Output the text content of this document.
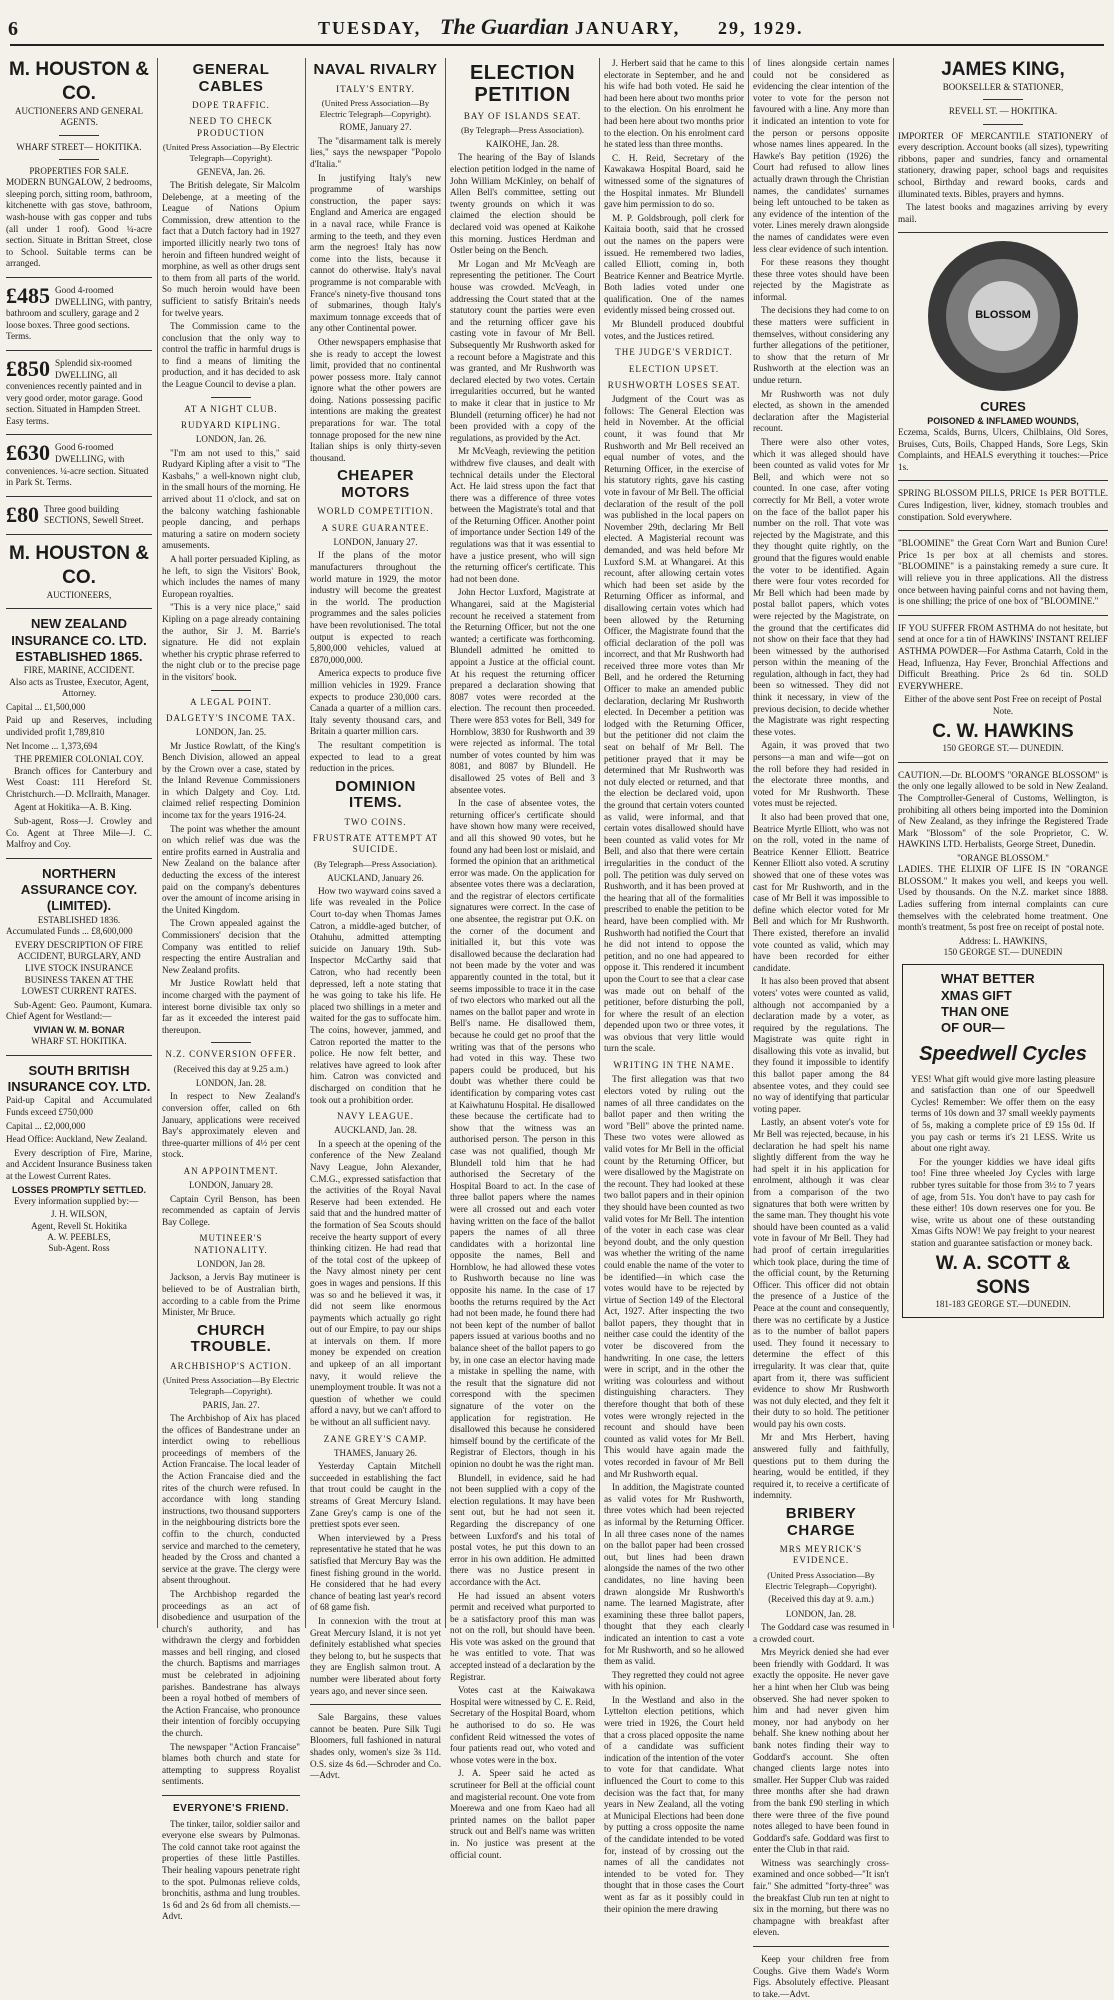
6	TUESDAY, The Guardian JANUARY, 29, 1929.
M. HOUSTON & CO.
AUCTIONEERS AND GENERAL AGENTS.
WHARF STREET— HOKITIKA.
PROPERTIES FOR SALE.

MODERN BUNGALOW, 2 bedrooms, sleeping porch, sitting room, bathroom, kitchenette with gas stove, bathroom, wash-house with gas copper and tubs (all under 1 roof). Good ¼-acre section. Situate in Brittan Street, close to School. Suitable terms can be arranged.

£485 Good 4-roomed DWELLING, with pantry, bathroom and scullery, garage and 2 loose boxes. Three good sections. Terms.
£850 Splendid six-roomed DWELLING, all conveniences recently painted and in very good order, motor garage. Good section. Situated in Hampden Street. Easy terms.
£630 Good 6-roomed DWELLING, with conveniences. ¼-acre section. Situated in Park St. Terms.
£80 Three good building SECTIONS, Sewell Street.
M. HOUSTON & CO.
AUCTIONEERS,
NEW ZEALAND INSURANCE CO. LTD. ESTABLISHED 1865.
FIRE, MARINE, ACCIDENT.

Also acts as Trustee, Executor, Agent, Attorney.

Capital ... £1,500,000

Paid up and Reserves, including undivided profit 1,789,810

Net Income ... 1,373,694

THE PREMIER COLONIAL COY.

Branch offices for Canterbury and West Coast: 111 Hereford St. Christchurch.—D. McIlraith, Manager.

Agent at Hokitika—A. B. King.

Sub-agent, Ross—J. Crowley and Co. Agent at Three Mile—J. C. Malfroy and Coy.

NORTHERN ASSURANCE COY. (LIMITED).
ESTABLISHED 1836.

Accumulated Funds ... £8,600,000

EVERY DESCRIPTION OF FIRE ACCIDENT, BURGLARY, AND LIVE STOCK INSURANCE BUSINESS TAKEN AT THE LOWEST CURRENT RATES.

Sub-Agent: Geo. Paumont, Kumara. Chief Agent for Westland:—

VIVIAN W. M. BONAR
WHARF ST. HOKITIKA.
SOUTH BRITISH INSURANCE COY. LTD.

Paid-up Capital and Accumulated Funds exceed £750,000

Capital ... £2,000,000

Head Office: Auckland, New Zealand.

Every description of Fire, Marine, and Accident Insurance Business taken at the Lowest Current Rates.

LOSSES PROMPTLY SETTLED.

Every information supplied by:—

J. H. WILSON,
Agent, Revell St. Hokitika
A. W. PEEBLES,
Sub-Agent. Ross
GENERAL CABLES
DOPE TRAFFIC.
NEED TO CHECK PRODUCTION
(United Press Association—By Electric Telegraph—Copyright).
GENEVA, Jan. 26.

The British delegate, Sir Malcolm Delebenge, at a meeting of the League of Nations Opium Commission, drew attention to the fact that a Dutch factory had in 1927 imported illicitly nearly two tons of heroin and fifteen hundred weight of morphine, as well as other drugs sent to them from all parts of the world. So much heroin would have been sufficient to satisfy Britain's needs for twelve years.

The Commission came to the conclusion that the only way to control the traffic in harmful drugs is to find a means of limiting the production, and it has decided to ask the League Council to devise a plan.

AT A NIGHT CLUB.
RUDYARD KIPLING.
LONDON, Jan. 26.

"I'm am not used to this," said Rudyard Kipling after a visit to "The Kasbahs," a well-known night club, in the small hours of the morning. He arrived about 11 o'clock, and sat on the balcony watching fashionable people dancing, and perhaps maturing a satire on modern society amusements.

A hall porter persuaded Kipling, as he left, to sign the Visitors' Book, which includes the names of many European royalties.

"This is a very nice place," said Kipling on a page already containing the author, Sir J. M. Barrie's signature. He did not explain whether his cryptic phrase referred to the night club or to the precise page in the visitors' book.

A LEGAL POINT.
DALGETY'S INCOME TAX.
LONDON, Jan. 25.

Mr Justice Rowlatt, of the King's Bench Division, allowed an appeal by the Crown over a case, stated by the Inland Revenue Commissioners in which Dalgety and Coy. Ltd. claimed relief respecting Dominion income tax for the years 1916-24.

The point was whether the amount on which relief was due was the entire profits earned in Australia and New Zealand on the balance after deducting the excess of the interest paid on the company's debentures over the amount of income arising in the United Kingdom.

The Crown appealed against the Commissioners' decision that the Company was entitled to relief respecting the entire Australian and New Zealand profits.

Mr Justice Rowlatt held that income charged with the payment of interest borne divisible tax only so far as it exceeded the interest paid thereupon.

N.Z. CONVERSION OFFER.
(Received this day at 9.25 a.m.)
LONDON, Jan. 28.

In respect to New Zealand's conversion offer, called on 6th January, applications were received Bay's approximately eleven and three-quarter millions of 4½ per cent stock.

AN APPOINTMENT.
LONDON, January 28.

Captain Cyril Benson, has been recommended as captain of Jervis Bay College.

MUTINEER'S NATIONALITY.
LONDON, Jan 28.

Jackson, a Jervis Bay mutineer is believed to be of Australian birth, according to a cable from the Prime Minister, Mr Bruce.

CHURCH TROUBLE.
ARCHBISHOP'S ACTION.
(United Press Association—By Electric Telegraph—Copyright).
PARIS, Jan. 27.

The Archbishop of Aix has placed the offices of Bandestrane under an interdict owing to rebellious proceedings of members of the Action Francaise. The local leader of the Action Francaise died and the rites of the church were refused. In accordance with long standing instructions, two thousand supporters in the neighbouring districts bore the coffin to the church, conducted service and marched to the cemetery, headed by the Cross and chanted a service at the grave. The clergy were absent throughout.

The Archbishop regarded the proceedings as an act of disobedience and usurpation of the church's authority, and has withdrawn the clergy and forbidden masses and bell ringing, and closed the church. Baptisms and marriages must be celebrated in adjoining parishes. Bandestrane has always been a royal hotbed of members of the Action Francaise, who pronounce their intention of forcibly occupying the church.

The newspaper "Action Francaise" blames both church and state for attempting to suppress Royalist sentiments.

EVERYONE'S FRIEND.

The tinker, tailor, soldier sailor and everyone else swears by Pulmonas. The cold cannot take root against the properties of these little Pastilles. Their healing vapours penetrate right to the spot. Pulmonas relieve colds, bronchitis, asthma and lung troubles. 1s 6d and 2s 6d from all chemists.—Advt.

NAVAL RIVALRY
ITALY'S ENTRY.
(United Press Association—By Electric Telegraph—Copyright).
ROME, January 27.

The "disarmament talk is merely lies," says the newspaper "Popolo d'Italia."

In justifying Italy's new programme of warships construction, the paper says: England and America are engaged in a naval race, while France is arming to the teeth, and they even arm the negroes! Italy has now come into the lists, because it cannot do otherwise. Italy's naval programme is not comparable with France's ninety-five thousand tons of submarines, though Italy's maximum tonnage exceeds that of any other Continental power.

Other newspapers emphasise that she is ready to accept the lowest limit, provided that no continental power possess more. Italy cannot ignore what the other powers are doing. Nations possessing pacific intentions are making the greatest preparations for war. The total tonnage proposed for the new nine Italian ships is only thirty-seven thousand.

CHEAPER MOTORS
WORLD COMPETITION.
A SURE GUARANTEE.
LONDON, January 27.

If the plans of the motor manufacturers throughout the world mature in 1929, the motor industry will become the greatest in the world. The production programmes and the sales policies have been revolutionised. The total output is expected to reach 5,800,000 vehicles, valued at £870,000,000.

America expects to produce five million vehicles in 1929. France expects to produce 230,000 cars. Canada a quarter of a million cars. Italy seventy thousand cars, and Britain a quarter million cars.

The resultant competition is expected to lead to a great reduction in the prices.

DOMINION ITEMS.
TWO COINS.
FRUSTRATE ATTEMPT AT SUICIDE.
(By Telegraph—Press Association).
AUCKLAND, January 26.

How two wayward coins saved a life was revealed in the Police Court to-day when Thomas James Catron, a middle-aged butcher, of Otahuhu, admitted attempting suicide on January 19th. Sub-Inspector McCarthy said that Catron, who had recently been depressed, left a note stating that he was going to take his life. He placed two shillings in a meter and waited for the gas to suffocate him. The coins, however, jammed, and Catron reported the matter to the police. He now felt better, and relatives have agreed to look after him. Catron was convicted and discharged on condition that he took out a prohibition order.

NAVY LEAGUE.
AUCKLAND, Jan. 28.

In a speech at the opening of the conference of the New Zealand Navy League, John Alexander, C.M.G., expressed satisfaction that the activities of the Royal Naval Reserve had been extended. He said that and the hundred matter of the formation of Sea Scouts should receive the hearty support of every thinking citizen. He had read that of the total cost of the upkeep of the Navy almost ninety per cent goes in wages and pensions. If this was so and he believed it was, it did not seem like enormous payments which actually go right out of our Empire, to pay our ships at intervals on them. If more money be expended on creation and upkeep of an all important navy, it would relieve the unemployment trouble. It was not a question of whether we could afford a navy, but we can't afford to be without an all sufficient navy.

ZANE GREY'S CAMP.
THAMES, January 26.

Yesterday Captain Mitchell succeeded in establishing the fact that trout could be caught in the streams of Great Mercury Island. Zane Grey's camp is one of the prettiest spots ever seen.

When interviewed by a Press representative he stated that he was satisfied that Mercury Bay was the finest fishing ground in the world. He considered that he had every chance of beating last year's record of 68 game fish.

In connexion with the trout at Great Mercury Island, it is not yet definitely established what species they belong to, but he suspects that they are English salmon trout. A number were liberated about forty years ago, and never since seen.

Sale Bargains, these values cannot be beaten. Pure Silk Tugi Bloomers, full fashioned in natural shades only, women's size 3s 11d. O.S. size 4s 6d.—Schroder and Co.—Advt.

ELECTION PETITION
BAY OF ISLANDS SEAT.
(By Telegraph—Press Association).
KAIKOHE, Jan. 28.

The hearing of the Bay of Islands election petition lodged in the name of John William McKinley, on behalf of Allen Bell's committee, setting out twenty grounds on which it was claimed the election should be declared void was opened at Kaikohe this morning. Justices Herdman and Ostler being on the Bench.

Mr Logan and Mr McVeagh are representing the petitioner. The Court house was crowded. McVeagh, in addressing the Court stated that at the statutory count the parties were even and the returning officer gave his casting vote in favour of Mr Bell. Subsequently Mr Rushworth asked for a recount before a Magistrate and this was granted, and Mr Rushworth was declared elected by two votes. Certain irregularities occurred, but he wanted to make it clear that in justice to Mr Blundell (returning officer) he had not been provided with a copy of the regulations, as provided by the Act.

Mr McVeagh, reviewing the petition withdrew five clauses, and dealt with technical details under the Electoral Act. He laid stress upon the fact that there was a difference of three votes between the Magistrate's total and that of the Returning Officer. Another point of importance under Section 149 of the regulations was that it was essential to have a justice present, who will sign the returning officer's certificate. This had not been done.

John Hector Luxford, Magistrate at Whangarei, said at the Magisterial recount he received a statement from the Returning Officer, but not the one wanted; a certificate was forthcoming. Blundell admitted he omitted to appoint a Justice at the official count. At his request the returning officer prepared a declaration showing that 8087 votes were recorded at the election. The recount then proceeded. There were 853 votes for Bell, 349 for Hornblow, 3830 for Rushworth and 39 were rejected as informal. The total number of votes counted by him was 8081, and 8087 by Blundell. He disallowed 25 votes of Bell and 3 absentee votes.

In the case of absentee votes, the returning officer's certificate should have shown how many were received, and all this showed 90 votes, but he found any had been lost or mislaid, and formed the opinion that an arithmetical error was made. On the application for absentee votes there was a declaration, and the registrar of electors certificate signatures were correct. In the case of one absentee, the registrar put O.K. on the corner of the document and initialled it, but this vote was disallowed because the declaration had not been made by the voter and was apparently counted in the total, but it seems impossible to trace it in the case of two electors who marked out all the names on the ballot paper and wrote in Bell's name. He disallowed them, because he could get no proof that the writing was that of the persons who had voted in this way. These two papers could be produced, but his doubt was whether there could be identification by comparing votes cast at Kaiwhatunu Hospital. He disallowed these because the certificate had to show that the witness was an authorised person. The person in this case was not qualified, though Mr Blundell told him that he had authorised the Secretary of the Hospital Board to act. In the case of three ballot papers where the names were all crossed out and each voter having written on the face of the ballot papers the names of all three candidates with a horizontal line opposite the names, Bell and Hornblow, he had allowed these votes to Rushworth because no line was opposite his name. In the case of 17 booths the returns required by the Act had not been made, he found there had not been kept of the number of ballot papers issued at various booths and no balance sheet of the ballot papers to go by, in one case an elector having made a mistake in spelling the name, with the result that the signature did not correspond with the specimen signature of the voter on the application for registration. He disallowed this because he considered himself bound by the certificate of the Registrar of Electors, though in his opinion no doubt he was the right man.

Blundell, in evidence, said he had not been supplied with a copy of the election regulations. It may have been sent out, but he had not seen it. Regarding the discrepancy of one between Luxford's and his total of postal votes, he put this down to an error in his own addition. He admitted there was no Justice present in accordance with the Act.

He had issued an absent voters permit and received what purported to be a satisfactory proof this man was not on the roll, but should have been. His vote was asked on the ground that he was entitled to vote. That was accepted instead of a declaration by the Registrar.

Votes cast at the Kaiwakawa Hospital were witnessed by C. E. Reid, Secretary of the Hospital Board, whom he authorised to do so. He was confident Reid witnessed the votes of four patients read out, who voted and whose votes were in the box.

J. A. Speer said he acted as scrutineer for Bell at the official count and magisterial recount. One vote from Moerewa and one from Kaeo had all printed names on the ballot paper struck out and Bell's name was written in. No justice was present at the official count.

J. Herbert said that he came to this electorate in September, and he and his wife had both voted. He said he had been here about two months prior to the election. On his enrolment he had been here about two months prior to the election. On his enrolment card he stated less than three months.

C. H. Reid, Secretary of the Kawakawa Hospital Board, said he witnessed some of the signatures of the Hospital inmates. Mr Blundell gave him permission to do so.

M. P. Goldsbrough, poll clerk for Kaitaia booth, said that he crossed out the names on the papers were issued. He remembered two ladies, called Elliott, coming in, both Beatrice Kenner and Beatrice Myrtle. Both ladies voted under one qualification. One of the names evidently missed being crossed out.

Mr Blundell produced doubtful votes, and the Justices retired.

THE JUDGE'S VERDICT.
ELECTION UPSET.
RUSHWORTH LOSES SEAT.

Judgment of the Court was as follows: The General Election was held in November. At the official count, it was found that Mr Rushworth and Mr Bell received an equal number of votes, and the Returning Officer, in the exercise of his statutory rights, gave his casting vote in favour of Mr Bell. The official declaration of the result of the poll was published in the local papers on November 29th, declaring Mr Bell elected. A Magisterial recount was demanded, and was held before Mr Luxford S.M. at Whangarei. At this recount, after allowing certain votes which had been set aside by the Returning Officer as informal, and disallowing certain votes which had been allowed by the Returning Officer, the Magistrate found that the official declaration of the poll was incorrect, and that Mr Rushworth had received three more votes than Mr Bell, and he ordered the Returning Officer to make an amended public declaration, declaring Mr Rushworth elected. In December a petition was lodged with the Returning Officer, but the petitioner did not claim the seat on behalf of Mr Bell. The petitioner prayed that it may be determined that Mr Rushworth was not duly elected or returned, and that the election be declared void, upon the ground that certain voters counted as valid, were informal, and that certain votes disallowed should have been counted as valid votes for Mr Bell, and also that there were certain irregularities in the conduct of the poll. The petition was duly served on Rushworth, and it has been proved at the hearing that all of the formalities prescribed to enable the petition to be heard, have been complied with. Mr Rushworth had notified the Court that he did not intend to oppose the petition, and no one had appeared to oppose it. This rendered it incumbent upon the Court to see that a clear case was made out on behalf of the petitioner, before disturbing the poll, for where the result of an election depended upon two or three votes, it was obvious that very little would turn the scale.

WRITING IN THE NAME.

The first allegation was that two electors voted by ruling out the names of all three candidates on the ballot paper and then writing the word "Bell" above the printed name. These two votes were allowed as valid votes for Mr Bell in the official count by the Returning Officer, but were disallowed by the Magistrate on the recount. They had looked at these two ballot papers and in their opinion they should have been counted as two valid votes for Mr Bell. The intention of the voter in each case was clear beyond doubt, and the only question was whether the writing of the name could enable the name of the voter to be identified—in which case the votes would have to be rejected by virtue of Section 149 of the Electoral Act, 1927. After inspecting the two ballot papers, they thought that in neither case could the identity of the voter be discovered from the handwriting. In one case, the letters were in script, and in the other the writing was colourless and without distinguishing characters. They therefore thought that both of these votes were wrongly rejected in the recount and should have been counted as valid votes for Mr Bell. This would have again made the votes recorded in favour of Mr Bell and Mr Rushworth equal.

In addition, the Magistrate counted as valid votes for Mr Rushworth, three votes which had been rejected as informal by the Returning Officer. In all three cases none of the names on the ballot paper had been crossed out, but lines had been drawn alongside the names of the two other candidates, no line having been drawn alongside Mr Rushworth's name. The learned Magistrate, after examining these three ballot papers, thought that they each clearly indicated an intention to cast a vote for Mr Rushworth, and so he allowed them as valid.

They regretted they could not agree with his opinion.

In the Westland and also in the Lyttelton election petitions, which were tried in 1926, the Court held that a cross placed opposite the name of a candidate was sufficient indication of the intention of the voter to vote for that candidate. What influenced the Court to come to this decision was the fact that, for many years in New Zealand, all the voting at Municipal Elections had been done by putting a cross opposite the name of the candidate intended to be voted for, instead of by crossing out the names of all the candidates not intended to be voted for. They thought that in those cases the Court went as far as it possibly could in their opinion the mere drawing

of lines alongside certain names could not be considered as evidencing the clear intention of the voter to vote for the person not favoured with a line. Any more than it indicated an intention to vote for the person or persons opposite whose names lines appeared. In the Hawke's Bay petition (1926) the Court had refused to allow lines actually drawn through the Christian names, the candidates' surnames being left untouched to be taken as any evidence of the intention of the voter. Lines merely drawn alongside the names of candidates were even less clear evidence of such intention.

For these reasons they thought these three votes should have been rejected by the Magistrate as informal.

The decisions they had come to on these matters were sufficient in themselves, without considering any further allegations of the petitioner, to show that the return of Mr Rushworth at the election was an undue return.

Mr Rushworth was not duly elected, as shown in the amended declaration after the Magisterial recount.

There were also other votes, which it was alleged should have been counted as valid votes for Mr Bell, and which were not so counted. In one case, after voting correctly for Mr Bell, a voter wrote on the face of the ballot paper his number on the roll. That vote was rejected by the Magistrate, and this they thought quite rightly, on the ground that the figures would enable the voter to be identified. Again there were four votes recorded for Mr Bell which had been made by postal ballot papers, which votes were rejected by the Magistrate, on the ground that the certificates did not show on their face that they had been witnessed by the authorised person within the meaning of the regulation, although in fact, they had been so witnessed. They did not think it necessary, in view of the previous decision, to decide whether the Magistrate was right respecting these votes.

Again, it was proved that two persons—a man and wife—got on the roll before they had resided in the electorate three months, and voted for Mr Rushworth. These votes must be rejected.

It also had been proved that one, Beatrice Myrtle Elliott, who was not on the roll, voted in the name of Beatrice Kenner Elliott. Beatrice Kenner Elliott also voted. A scrutiny showed that one of these votes was cast for Mr Rushworth, and in the case of Mr Bell it was impossible to define which elector voted for Mr Bell and which for Mr Rushworth. There existed, therefore an invalid vote counted as valid, which may have been recorded for either candidate.

It has also been proved that absent voters' votes were counted as valid, although not accompanied by a declaration made by a voter, as required by the regulations. The Magistrate was quite right in disallowing this vote as invalid, but they found it impossible to identify this ballot paper among the 84 absentee votes, and they could see no way of identifying that particular voting paper.

Lastly, an absent voter's vote for Mr Bell was rejected, because, in his declaration he had spelt his name slightly different from the way he had spelt it in his application for enrolment, although it was clear from a comparison of the two signatures that both were written by the same man. They thought his vote should have been counted as a valid vote in favour of Mr Bell. They had had proof of certain irregularities which took place, during the time of the official count, by the Returning Officer. This officer did not obtain the presence of a Justice of the Peace at the count and consequently, there was no certificate by a Justice as to the number of ballot papers used. They found it necessary to determine the effect of this irregularity. It was clear that, quite apart from it, there was sufficient evidence to show Mr Rushworth was not duly elected, and they felt it their duty to so hold. The petitioner would pay his own costs.

Mr and Mrs Herbert, having answered fully and faithfully, questions put to them during the hearing, would be entitled, if they required it, to receive a certificate of indemnity.

BRIBERY CHARGE
MRS MEYRICK'S EVIDENCE.
(United Press Association—By Electric Telegraph—Copyright).
(Received this day at 9. a.m.)
LONDON, Jan. 28.

The Goddard case was resumed in a crowded court.

Mrs Meyrick denied she had ever been friendly with Goddard. It was exactly the opposite. He never gave her a hint when her Club was being observed. She had never spoken to him and had never given him money, nor had anybody on her behalf. She knew nothing about her bank notes finding their way to Goddard's account. She often changed clients large notes into smaller. Her Supper Club was raided three months after she had drawn from the bank £90 sterling in which there were three of the five pound notes alleged to have been found in Goddard's safe. Goddard was first to enter the Club in that raid.

Witness was searchingly cross-examined and once sobbed—"It isn't fair." She admitted "forty-three" was the breakfast Club run ten at night to six in the morning, but there was no champagne with breakfast after eleven.

Keep your children free from Coughs. Give them Wade's Worm Figs. Absolutely effective. Pleasant to take.—Advt.

JAMES KING,
BOOKSELLER & STATIONER,
REVELL ST. — HOKITIKA.

IMPORTER OF MERCANTILE STATIONERY of every description. Account books (all sizes), typewriting ribbons, paper and sundries, fancy and ornamental stationery, drawing paper, school bags and requisites school, Birthday and reward books, cards and illuminated texts. Bibles, prayers and hymns.

The latest books and magazines arriving by every mail.

BLOSSOM
CURES
POISONED & INFLAMED WOUNDS,

Eczema, Scalds, Burns, Ulcers, Chilblains, Old Sores, Bruises, Cuts, Boils, Chapped Hands, Sore Legs, Skin Complaints, and HEALS everything it touches:—Price 1s.

SPRING BLOSSOM PILLS, PRICE 1s PER BOTTLE. Cures Indigestion, liver, kidney, stomach troubles and constipation. Sold everywhere.

"BLOOMINE" the Great Corn Wart and Bunion Cure! Price 1s per box at all chemists and stores. "BLOOMINE" is a painstaking remedy a sure cure. It will relieve you in three applications. All the distress once between having painful corns and not having them, is one shilling; the price of one box of "BLOOMINE."

IF YOU SUFFER FROM ASTHMA do not hesitate, but send at once for a tin of HAWKINS' INSTANT RELIEF ASTHMA POWDER—For Asthma Catarrh, Cold in the Head, Influenza, Hay Fever, Bronchial Affections and Difficult Breathing. Price 2s 6d tin. SOLD EVERYWHERE.

Either of the above sent Post Free on receipt of Postal Note.

C. W. HAWKINS
150 GEORGE ST.— DUNEDIN.

CAUTION.—Dr. BLOOM'S "ORANGE BLOSSOM" is the only one legally allowed to be sold in New Zealand. The Comptroller-General of Customs, Wellington, is prohibiting all others being imported into the Dominion of New Zealand, as they infringe the Registered Trade Mark "Blossom" of the sole Proprietor, C. W. HAWKINS LTD. Herbalists, George Street, Dunedin.

"ORANGE BLOSSOM."

LADIES. THE ELIXIR OF LIFE IS IN "ORANGE BLOSSOM." It makes you well, and keeps you well. Used by thousands. On the N.Z. market since 1888. Ladies suffering from internal complaints can cure themselves with the celebrated home treatment. One month's treatment, 5s post free on receipt of postal note.

Address: L. HAWKINS,
150 GEORGE ST.— DUNEDIN
WHAT BETTER
XMAS GIFT
THAN ONE
OF OUR—
Speedwell Cycles

YES! What gift would give more lasting pleasure and satisfaction than one of our Speedwell Cycles! Remember: We offer them on the easy terms of 10s down and 37 small weekly payments of 5s, making a complete price of £9 15s 0d. If you pay cash or terms it's 21 LESS. Write us about one right away.

For the younger kiddies we have ideal gifts too! Fine three wheeled Joy Cycles with large rubber tyres suitable for those from 3½ to 7 years of age, from 51s. You don't have to pay cash for these either! 10s down reserves one for you. Be wise, write us about one of these outstanding Xmas Gifts NOW! We pay freight to your nearest station and guarantee satisfaction or money back.

W. A. SCOTT & SONS
181-183 GEORGE ST.—DUNEDIN.
